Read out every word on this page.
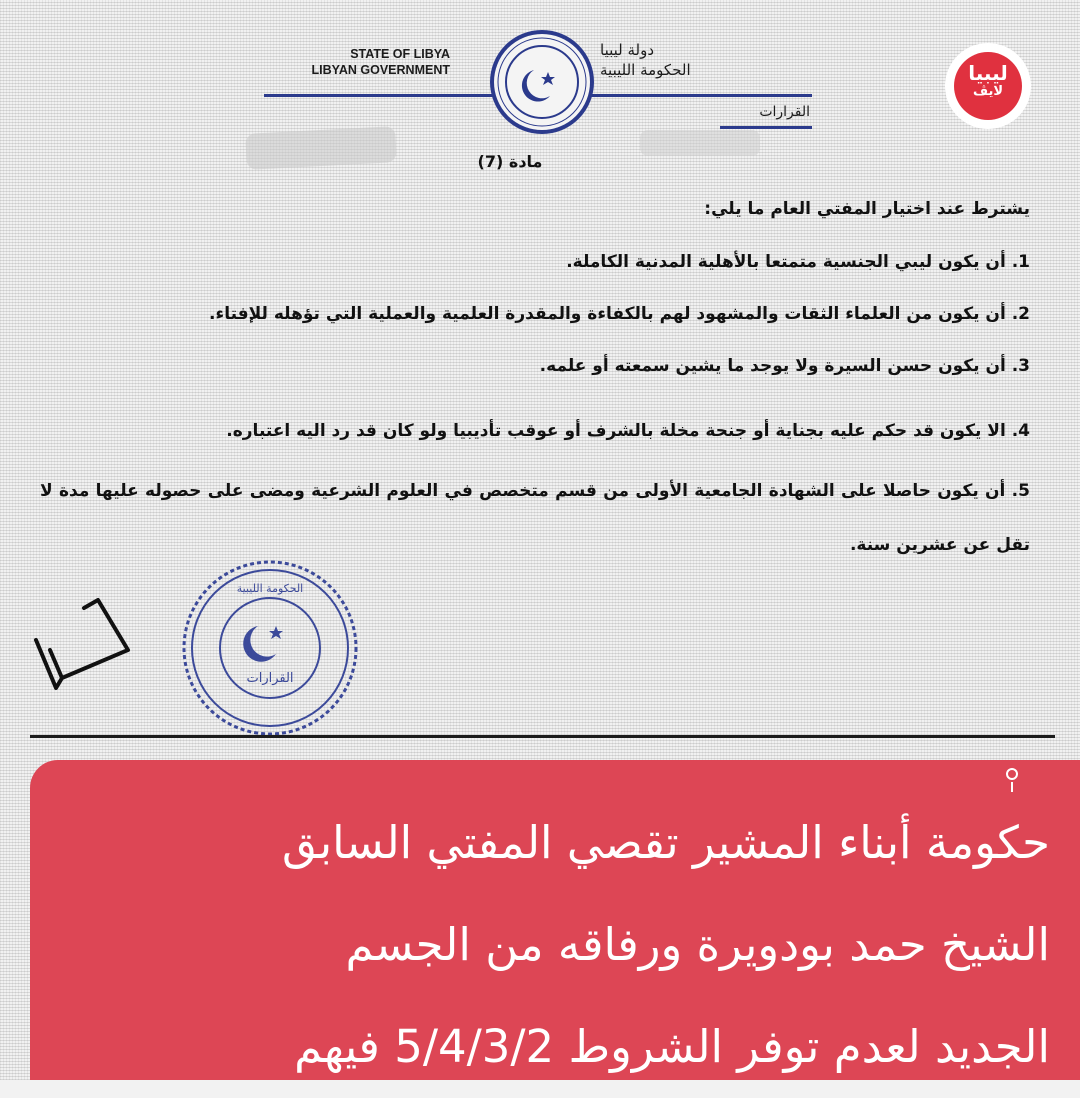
STATE OF LIBYA
LIBYAN GOVERNMENT
دولة ليبيا
الحكومة الليبية
القرارات
ليبيا
لايڤ
مادة (7)
يشترط عند اختيار المفتي العام ما يلي:
1. أن يكون ليبي الجنسية متمتعا بالأهلية المدنية الكاملة.
2. أن يكون من العلماء الثقات والمشهود لهم بالكفاءة والمقدرة العلمية والعملية التي تؤهله للإفتاء.
3. أن يكون حسن السيرة ولا يوجد ما يشين سمعته أو علمه.
4. الا يكون قد حكم عليه بجناية أو جنحة مخلة بالشرف أو عوقب تأديبيا ولو كان قد رد اليه اعتباره.
5. أن يكون حاصلا على الشهادة الجامعية الأولى من قسم متخصص في العلوم الشرعية ومضى على حصوله عليها مدة لا تقل عن عشرين سنة.
القرارات
الحكومة الليبية
حكومة أبناء المشير تقصي المفتي السابق
الشيخ حمد بودويرة ورفاقه من الجسم
الجديد لعدم توفر الشروط 5/4/3/2 فيهم
